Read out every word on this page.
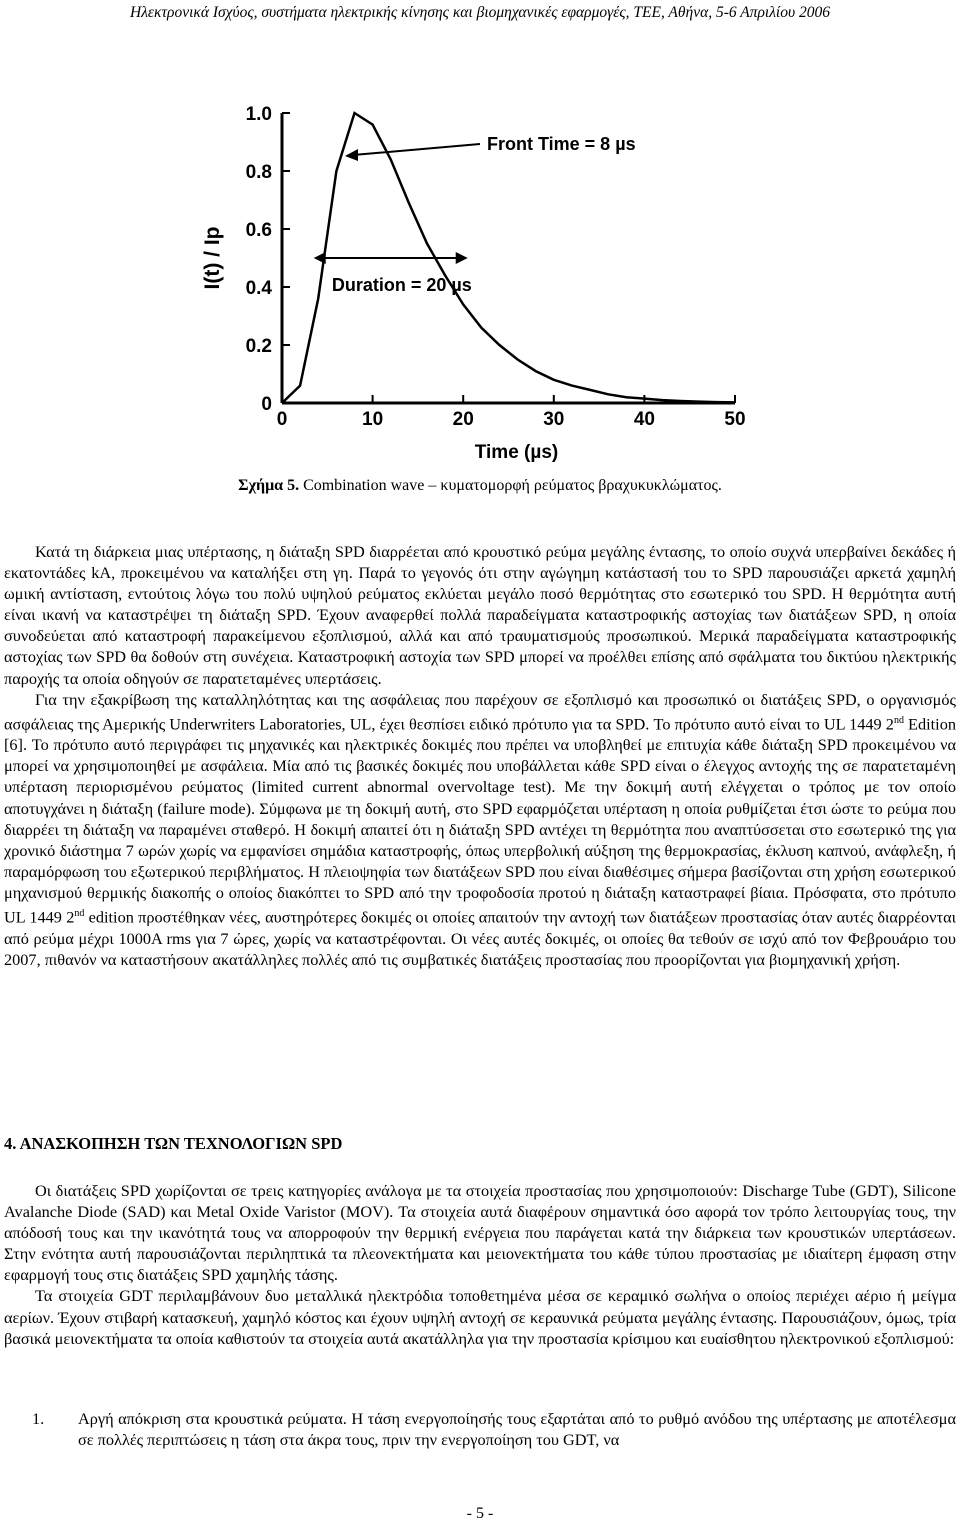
Ηλεκτρονικά Ισχύος, συστήματα ηλεκτρικής κίνησης και βιομηχανικές εφαρμογές, ΤΕΕ, Αθήνα, 5-6 Απριλίου 2006
0	10	20	30	40	50
0
0.2
0.4
0.6
0.8
1.0
Front Time = 8 µs
Duration = 20 µs
Time (µs)
I(t) / Ip
Σχήμα 5. Combination wave – κυματομορφή ρεύματος βραχυκυκλώματος.

Κατά τη διάρκεια μιας υπέρτασης, η διάταξη SPD διαρρέεται από κρουστικό ρεύμα μεγάλης έντασης, το οποίο συχνά υπερβαίνει δεκάδες ή εκατοντάδες kA, προκειμένου να καταλήξει στη γη. Παρά το γεγονός ότι στην αγώγημη κατάστασή του το SPD παρουσιάζει αρκετά χαμηλή ωμική αντίσταση, εντούτοις λόγω του πολύ υψηλού ρεύματος εκλύεται μεγάλο ποσό θερμότητας στο εσωτερικό του SPD. Η θερμότητα αυτή είναι ικανή να καταστρέψει τη διάταξη SPD. Έχουν αναφερθεί πολλά παραδείγματα καταστροφικής αστοχίας των διατάξεων SPD, η οποία συνοδεύεται από καταστροφή παρακείμενου εξοπλισμού, αλλά και από τραυματισμούς προσωπικού. Μερικά παραδείγματα καταστροφικής αστοχίας των SPD θα δοθούν στη συνέχεια. Καταστροφική αστοχία των SPD μπορεί να προέλθει επίσης από σφάλματα του δικτύου ηλεκτρικής παροχής τα οποία οδηγούν σε παρατεταμένες υπερτάσεις.

Για την εξακρίβωση της καταλληλότητας και της ασφάλειας που παρέχουν σε εξοπλισμό και προσωπικό οι διατάξεις SPD, ο οργανισμός ασφάλειας της Αμερικής Underwriters Laboratories, UL, έχει θεσπίσει ειδικό πρότυπο για τα SPD. Το πρότυπο αυτό είναι το UL 1449 2nd Edition [6]. Το πρότυπο αυτό περιγράφει τις μηχανικές και ηλεκτρικές δοκιμές που πρέπει να υποβληθεί με επιτυχία κάθε διάταξη SPD προκειμένου να μπορεί να χρησιμοποιηθεί με ασφάλεια. Μία από τις βασικές δοκιμές που υποβάλλεται κάθε SPD είναι ο έλεγχος αντοχής της σε παρατεταμένη υπέρταση περιορισμένου ρεύματος (limited current abnormal overvoltage test). Με την δοκιμή αυτή ελέγχεται ο τρόπος με τον οποίο αποτυγχάνει η διάταξη (failure mode). Σύμφωνα με τη δοκιμή αυτή, στο SPD εφαρμόζεται υπέρταση η οποία ρυθμίζεται έτσι ώστε το ρεύμα που διαρρέει τη διάταξη να παραμένει σταθερό. Η δοκιμή απαιτεί ότι η διάταξη SPD αντέχει τη θερμότητα που αναπτύσσεται στο εσωτερικό της για χρονικό διάστημα 7 ωρών χωρίς να εμφανίσει σημάδια καταστροφής, όπως υπερβολική αύξηση της θερμοκρασίας, έκλυση καπνού, ανάφλεξη, ή παραμόρφωση του εξωτερικού περιβλήματος. Η πλειοψηφία των διατάξεων SPD που είναι διαθέσιμες σήμερα βασίζονται στη χρήση εσωτερικού μηχανισμού θερμικής διακοπής ο οποίος διακόπτει το SPD από την τροφοδοσία προτού η διάταξη καταστραφεί βίαια. Πρόσφατα, στο πρότυπο UL 1449 2nd edition προστέθηκαν νέες, αυστηρότερες δοκιμές οι οποίες απαιτούν την αντοχή των διατάξεων προστασίας όταν αυτές διαρρέονται από ρεύμα μέχρι 1000A rms για 7 ώρες, χωρίς να καταστρέφονται. Οι νέες αυτές δοκιμές, οι οποίες θα τεθούν σε ισχύ από τον Φεβρουάριο του 2007, πιθανόν να καταστήσουν ακατάλληλες πολλές από τις συμβατικές διατάξεις προστασίας που προορίζονται για βιομηχανική χρήση.

4. ΑΝΑΣΚΟΠΗΣΗ ΤΩΝ ΤΕΧΝΟΛΟΓΙΩΝ SPD

Οι διατάξεις SPD χωρίζονται σε τρεις κατηγορίες ανάλογα με τα στοιχεία προστασίας που χρησιμοποιούν: Discharge Tube (GDT), Silicone Avalanche Diode (SAD) και Metal Oxide Varistor (MOV). Τα στοιχεία αυτά διαφέρουν σημαντικά όσο αφορά τον τρόπο λειτουργίας τους, την απόδοσή τους και την ικανότητά τους να απορροφούν την θερμική ενέργεια που παράγεται κατά την διάρκεια των κρουστικών υπερτάσεων. Στην ενότητα αυτή παρουσιάζονται περιληπτικά τα πλεονεκτήματα και μειονεκτήματα του κάθε τύπου προστασίας με ιδιαίτερη έμφαση στην εφαρμογή τους στις διατάξεις SPD χαμηλής τάσης.

Τα στοιχεία GDT περιλαμβάνουν δυο μεταλλικά ηλεκτρόδια τοποθετημένα μέσα σε κεραμικό σωλήνα ο οποίος περιέχει αέριο ή μείγμα αερίων. Έχουν στιβαρή κατασκευή, χαμηλό κόστος και έχουν υψηλή αντοχή σε κεραυνικά ρεύματα μεγάλης έντασης. Παρουσιάζουν, όμως, τρία βασικά μειονεκτήματα τα οποία καθιστούν τα στοιχεία αυτά ακατάλληλα για την προστασία κρίσιμου και ευαίσθητου ηλεκτρονικού εξοπλισμού:

1. Αργή απόκριση στα κρουστικά ρεύματα. Η τάση ενεργοποίησής τους εξαρτάται από το ρυθμό ανόδου της υπέρτασης με αποτέλεσμα σε πολλές περιπτώσεις η τάση στα άκρα τους, πριν την ενεργοποίηση του GDT, να
- 5 -
